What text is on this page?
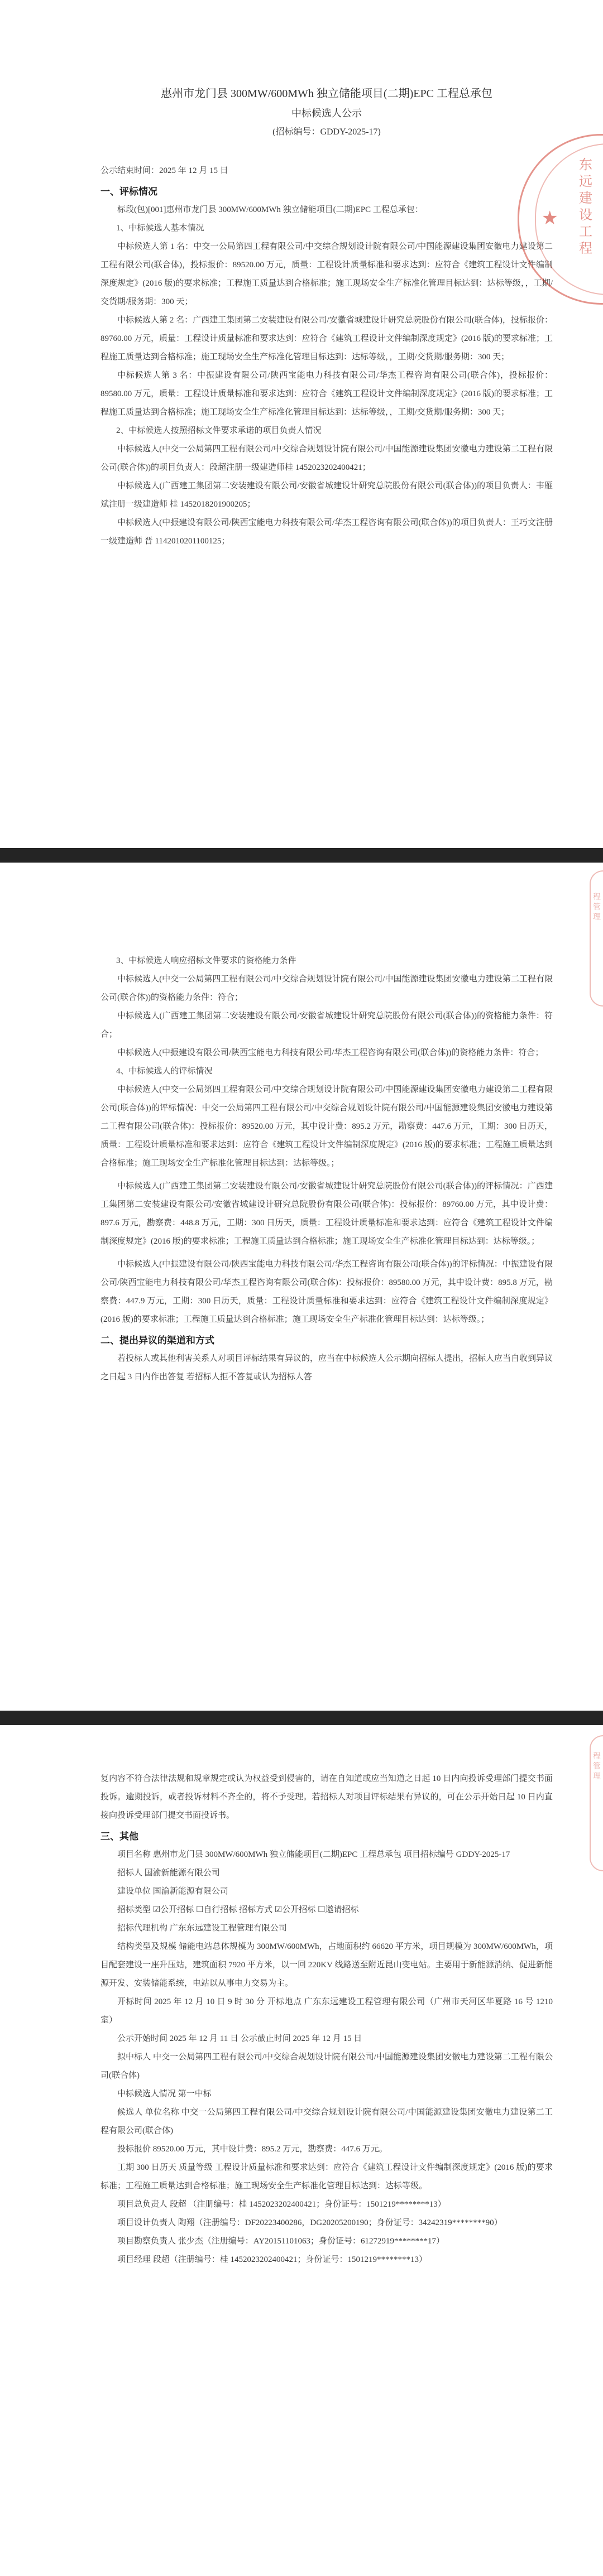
惠州市龙门县 300MW/600MWh 独立储能项目(二期)EPC 工程总承包
中标候选人公示
(招标编号：GDDY-2025-17)
公示结束时间：2025 年 12 月 15 日
一、评标情况
标段(包)[001]惠州市龙门县 300MW/600MWh 独立储能项目(二期)EPC 工程总承包：
1、中标候选人基本情况
中标候选人第 1 名：中交一公局第四工程有限公司/中交综合规划设计院有限公司/中国能源建设集团安徽电力建设第二工程有限公司(联合体)，投标报价：89520.00 万元，质量：工程设计质量标准和要求达到：应符合《建筑工程设计文件编制深度规定》(2016 版)的要求标准；工程施工质量达到合格标准；施工现场安全生产标准化管理目标达到：达标等级，，工期/交货期/服务期：300 天；
中标候选人第 2 名：广西建工集团第二安装建设有限公司/安徽省城建设计研究总院股份有限公司(联合体)，投标报价：89760.00 万元，质量：工程设计质量标准和要求达到：应符合《建筑工程设计文件编制深度规定》(2016 版)的要求标准；工程施工质量达到合格标准；施工现场安全生产标准化管理目标达到：达标等级，，工期/交货期/服务期：300 天；
中标候选人第 3 名：中振建设有限公司/陕西宝能电力科技有限公司/华杰工程咨询有限公司(联合体)，投标报价：89580.00 万元，质量：工程设计质量标准和要求达到：应符合《建筑工程设计文件编制深度规定》(2016 版)的要求标准；工程施工质量达到合格标准；施工现场安全生产标准化管理目标达到：达标等级，，工期/交货期/服务期：300 天；
2、中标候选人按照招标文件要求承诺的项目负责人情况
中标候选人(中交一公局第四工程有限公司/中交综合规划设计院有限公司/中国能源建设集团安徽电力建设第二工程有限公司(联合体))的项目负责人：段超注册一级建造师桂 1452023202400421；
中标候选人(广西建工集团第二安装建设有限公司/安徽省城建设计研究总院股份有限公司(联合体))的项目负责人：韦雁斌注册一级建造师 桂 1452018201900205；
中标候选人(中振建设有限公司/陕西宝能电力科技有限公司/华杰工程咨询有限公司(联合体))的项目负责人：王巧文注册一级建造师 晋 1142010201100125；
东远建设工程
★
3、中标候选人响应招标文件要求的资格能力条件
中标候选人(中交一公局第四工程有限公司/中交综合规划设计院有限公司/中国能源建设集团安徽电力建设第二工程有限公司(联合体))的资格能力条件：符合；
中标候选人(广西建工集团第二安装建设有限公司/安徽省城建设计研究总院股份有限公司(联合体))的资格能力条件：符合；
中标候选人(中振建设有限公司/陕西宝能电力科技有限公司/华杰工程咨询有限公司(联合体))的资格能力条件：符合；
4、中标候选人的评标情况
中标候选人(中交一公局第四工程有限公司/中交综合规划设计院有限公司/中国能源建设集团安徽电力建设第二工程有限公司(联合体))的评标情况：中交一公局第四工程有限公司/中交综合规划设计院有限公司/中国能源建设集团安徽电力建设第二工程有限公司(联合体)：投标报价：89520.00 万元，其中设计费：895.2 万元，勘察费：447.6 万元，工期：300 日历天，质量：工程设计质量标准和要求达到：应符合《建筑工程设计文件编制深度规定》(2016 版)的要求标准；工程施工质量达到合格标准；施工现场安全生产标准化管理目标达到：达标等级。；
中标候选人(广西建工集团第二安装建设有限公司/安徽省城建设计研究总院股份有限公司(联合体))的评标情况：广西建工集团第二安装建设有限公司/安徽省城建设计研究总院股份有限公司(联合体)：投标报价：89760.00 万元，其中设计费：897.6 万元，勘察费：448.8 万元，工期：300 日历天，质量：工程设计质量标准和要求达到：应符合《建筑工程设计文件编制深度规定》(2016 版)的要求标准；工程施工质量达到合格标准；施工现场安全生产标准化管理目标达到：达标等级。；
中标候选人(中振建设有限公司/陕西宝能电力科技有限公司/华杰工程咨询有限公司(联合体))的评标情况：中振建设有限公司/陕西宝能电力科技有限公司/华杰工程咨询有限公司(联合体)：投标报价：89580.00 万元，其中设计费：895.8 万元，勘察费：447.9 万元，工期：300 日历天，质量：工程设计质量标准和要求达到：应符合《建筑工程设计文件编制深度规定》(2016 版)的要求标准；工程施工质量达到合格标准；施工现场安全生产标准化管理目标达到：达标等级。；
二、提出异议的渠道和方式
若投标人或其他利害关系人对项目评标结果有异议的，应当在中标候选人公示期向招标人提出，招标人应当自收到异议之日起 3 日内作出答复 若招标人拒不答复或认为招标人答
程管理
复内容不符合法律法规和规章规定或认为权益受到侵害的，请在自知道或应当知道之日起 10 日内向投诉受理部门提交书面投诉。逾期投诉，或者投诉材料不齐全的，将不予受理。若招标人对项目评标结果有异议的，可在公示开始日起 10 日内直接向投诉受理部门提交书面投诉书。
三、其他
项目名称 惠州市龙门县 300MW/600MWh 独立储能项目(二期)EPC 工程总承包 项目招标编号 GDDY-2025-17
招标人 国渝新能源有限公司
建设单位 国渝新能源有限公司
招标类型 ☑公开招标 ☐自行招标 招标方式 ☑公开招标 ☐邀请招标
招标代理机构 广东东远建设工程管理有限公司
结构类型及规模 储能电站总体规模为 300MW/600MWh，占地面积约 66620 平方米，项目规模为 300MW/600MWh，项目配套建设一座升压站，建筑面积 7920 平方米，以一回 220KV 线路送至附近昆山变电站。主要用于新能源消纳、促进新能源开发、安装储能系统，电站以从事电力交易为主。
开标时间 2025 年 12 月 10 日 9 时 30 分 开标地点 广东东远建设工程管理有限公司（广州市天河区华夏路 16 号 1210 室）
公示开始时间 2025 年 12 月 11 日 公示截止时间 2025 年 12 月 15 日
拟中标人 中交一公局第四工程有限公司/中交综合规划设计院有限公司/中国能源建设集团安徽电力建设第二工程有限公司(联合体)
中标候选人情况 第一中标
候选人 单位名称 中交一公局第四工程有限公司/中交综合规划设计院有限公司/中国能源建设集团安徽电力建设第二工程有限公司(联合体)
投标报价 89520.00 万元，其中设计费：895.2 万元，勘察费：447.6 万元。
工期 300 日历天 质量等级 工程设计质量标准和要求达到：应符合《建筑工程设计文件编制深度规定》(2016 版)的要求标准；工程施工质量达到合格标准；施工现场安全生产标准化管理目标达到：达标等级。
项目总负责人 段超 （注册编号：桂 1452023202400421；身份证号：1501219********13）
项目设计负责人 陶翔（注册编号：DF20223400286，DG20205200190；身份证号：34242319********90）
项目勘察负责人 张少杰（注册编号：AY20151101063；身份证号：61272919********17）
项目经理 段超（注册编号：桂 1452023202400421；身份证号：1501219********13）
程管理
